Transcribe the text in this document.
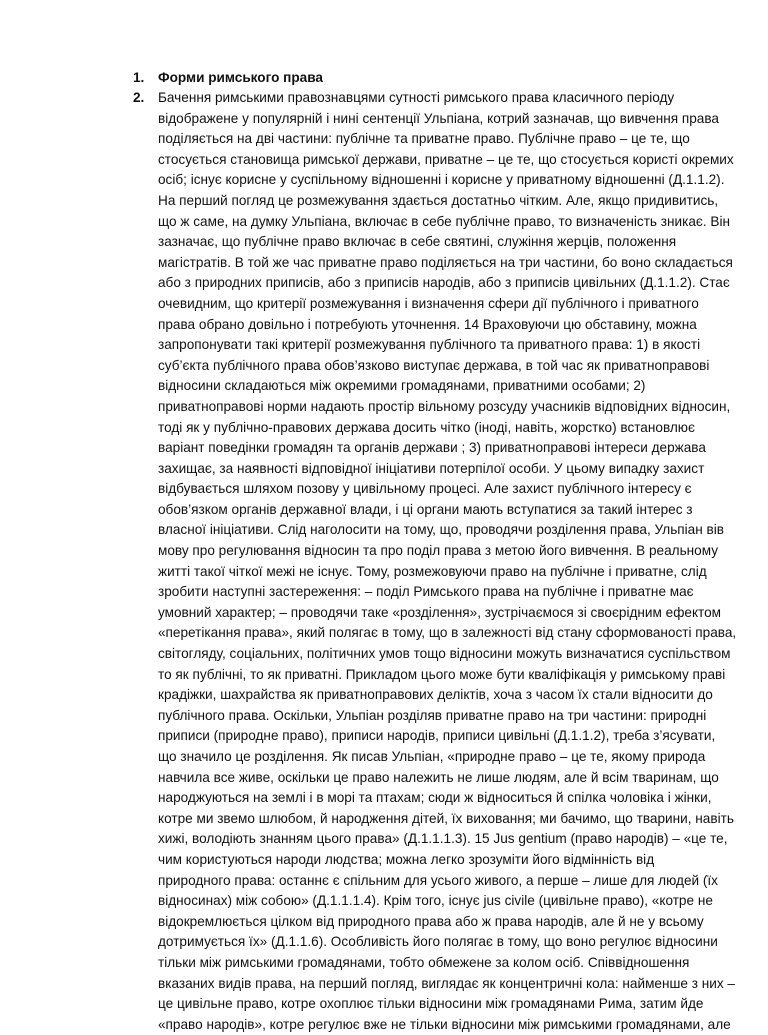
1. Форми римського права
2. Бачення римськими правознавцями сутності римського права класичного періоду
відображене у популярній і нині сентенції Ульпіана, котрий зазначав, що вивчення права
поділяється на дві частини: публічне та приватне право. Публічне право – це те, що
стосується становища римської держави, приватне – це те, що стосується користі окремих
осіб; існує корисне у суспільному відношенні і корисне у приватному відношенні (Д.1.1.2).
На перший погляд це розмежування здається достатньо чітким. Але, якщо придивитись,
що ж саме, на думку Ульпіана, включає в себе публічне право, то визначеність зникає. Він
зазначає, що публічне право включає в себе святині, служіння жерців, положення
магістратів. В той же час приватне право поділяється на три частини, бо воно складається
або з природних приписів, або з приписів народів, або з приписів цивільних (Д.1.1.2). Стає
очевидним, що критерії розмежування і визначення сфери дії публічного і приватного
права обрано довільно і потребують уточнення. 14 Враховуючи цю обставину, можна
запропонувати такі критерії розмежування публічного та приватного права: 1) в якості
суб’єкта публічного права обов’язково виступає держава, в той час як приватноправові
відносини складаються між окремими громадянами, приватними особами; 2)
приватноправові норми надають простір вільному розсуду учасників відповідних відносин,
тоді як у публічно-правових держава досить чітко (іноді, навіть, жорстко) встановлює
варіант поведінки громадян та органів держави ; 3) приватноправові інтереси держава
захищає, за наявності відповідної ініціативи потерпілої особи. У цьому випадку захист
відбувається шляхом позову у цивільному процесі. Але захист публічного інтересу є
обов’язком органів державної влади, і ці органи мають вступатися за такий інтерес з
власної ініціативи. Слід наголосити на тому, що, проводячи розділення права, Ульпіан вів
мову про регулювання відносин та про поділ права з метою його вивчення. В реальному
житті такої чіткої межі не існує. Тому, розмежовуючи право на публічне і приватне, слід
зробити наступні застереження: – поділ Римського права на публічне і приватне має
умовний характер; – проводячи таке «розділення», зустрічаємося зі своєрідним ефектом
«перетікання права», який полягає в тому, що в залежності від стану сформованості права,
світогляду, соціальних, політичних умов тощо відносини можуть визначатися суспільством
то як публічні, то як приватні. Прикладом цього може бути кваліфікація у римському праві
крадіжки, шахрайства як приватноправових деліктів, хоча з часом їх стали відносити до
публічного права. Оскільки, Ульпіан розділяв приватне право на три частини: природні
приписи (природне право), приписи народів, приписи цивільні (Д.1.1.2), треба з’ясувати,
що значило це розділення. Як писав Ульпіан, «природне право – це те, якому природа
навчила все живе, оскільки це право належить не лише людям, але й всім тваринам, що
народжуються на землі і в морі та птахам; сюди ж відноситься й спілка чоловіка і жінки,
котре ми звемо шлюбом, й народження дітей, їх виховання; ми бачимо, що тварини, навіть
хижі, володіють знанням цього права» (Д.1.1.1.3). 15 Jus gentium (право народів) – «це те,
чим користуються народи людства; можна легко зрозуміти його відмінність від
природного права: останнє є спільним для усього живого, а перше – лише для людей (їх
відносинах) між собою» (Д.1.1.1.4). Крім того, існує jus civile (цивільне право), «котре не
відокремлюється цілком від природного права або ж права народів, але й не у всьому
дотримується їх» (Д.1.1.6). Особливість його полягає в тому, що воно регулює відносини
тільки між римськими громадянами, тобто обмежене за колом осіб. Співвідношення
вказаних видів права, на перший погляд, виглядає як концентричні кола: найменше з них –
це цивільне право, котре охоплює тільки відносини між громадянами Рима, затим йде
«право народів», котре регулює вже не тільки відносини між римськими громадянами, але
